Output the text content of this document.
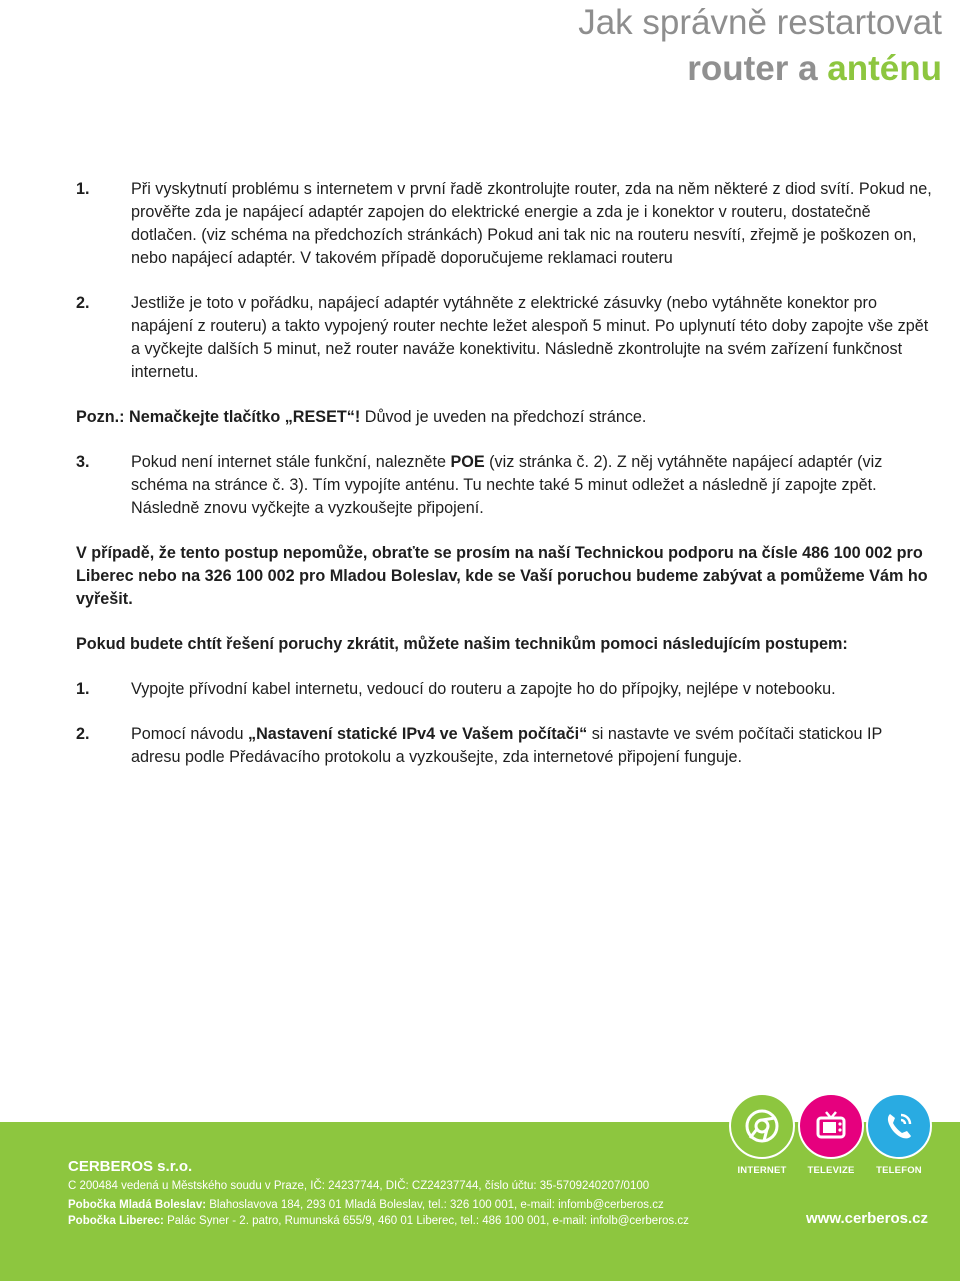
Jak správně restartovat
router a anténu
1.	Při vyskytnutí problému s internetem v první řadě zkontrolujte router, zda na něm některé z diod svítí. Pokud ne, prověřte zda je napájecí adaptér zapojen do elektrické energie a zda je i konektor v routeru, dostatečně dotlačen. (viz schéma na předchozích stránkách) Pokud ani tak nic na routeru nesvítí, zřejmě je poškozen on, nebo napájecí adaptér. V takovém případě doporučujeme reklamaci routeru

2.	Jestliže je toto v pořádku, napájecí adaptér vytáhněte z elektrické zásuvky (nebo vytáhněte konektor pro napájení z routeru) a takto vypojený router nechte ležet alespoň 5 minut. Po uplynutí této doby zapojte vše zpět a vyčkejte dalších 5 minut, než router naváže konektivitu. Následně zkontrolujte na svém zařízení funkčnost internetu.

Pozn.: Nemačkejte tlačítko „RESET“! Důvod je uveden na předchozí stránce.

3.	Pokud není internet stále funkční, nalezněte POE (viz stránka č. 2). Z něj vytáhněte napájecí adaptér (viz schéma na stránce č. 3). Tím vypojíte anténu. Tu nechte také 5 minut odležet a následně jí zapojte zpět. Následně znovu vyčkejte a vyzkoušejte připojení.

V případě, že tento postup nepomůže, obraťte se prosím na naší Technickou podporu na čísle 486 100 002 pro Liberec nebo na 326 100 002 pro Mladou Boleslav, kde se Vaší poruchou budeme zabývat a pomůžeme Vám ho vyřešit.

Pokud budete chtít řešení poruchy zkrátit, můžete našim technikům pomoci následujícím postupem:

1.	Vypojte přívodní kabel internetu, vedoucí do routeru a zapojte ho do přípojky, nejlépe v notebooku.

2.	Pomocí návodu „Nastavení statické IPv4 ve Vašem počítači“ si nastavte ve svém počítači statickou IP adresu podle Předávacího protokolu a vyzkoušejte, zda internetové připojení funguje.

CERBEROS s.r.o.
C 200484 vedená u Městského soudu v Praze, IČ: 24237744, DIČ: CZ24237744, číslo účtu: 35-5709240207/0100
Pobočka Mladá Boleslav: Blahoslavova 184, 293 01 Mladá Boleslav, tel.: 326 100 001, e-mail: infomb@cerberos.cz
Pobočka Liberec: Palác Syner - 2. patro, Rumunská 655/9, 460 01 Liberec, tel.: 486 100 001, e-mail: infolb@cerberos.cz	www.cerberos.cz
INTERNET	TELEVIZE	TELEFON
